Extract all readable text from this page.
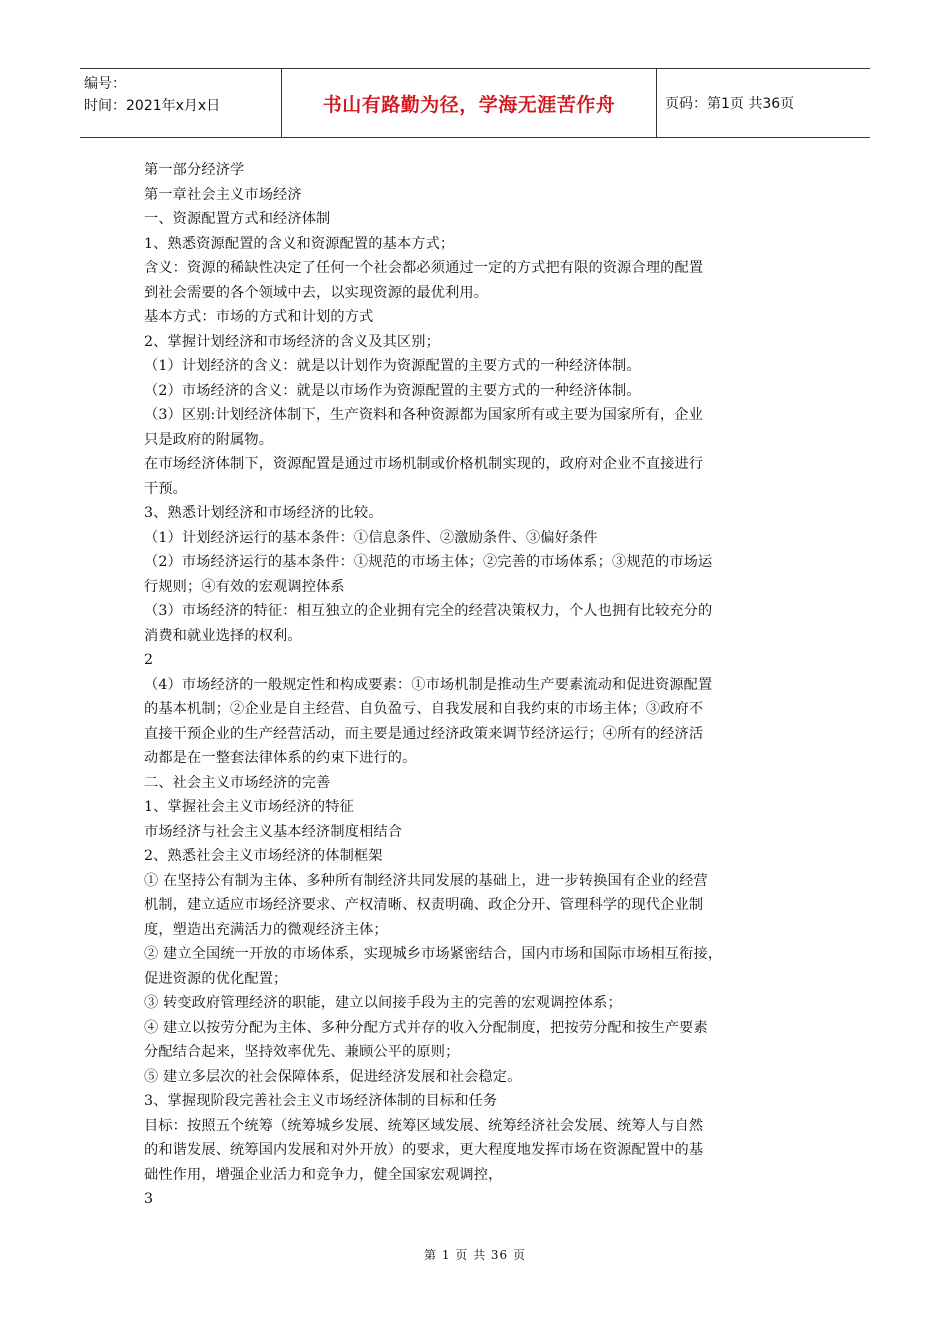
编号：
时间：2021年x月x日	书山有路勤为径，学海无涯苦作舟	页码：第1页 共36页
第一部分经济学
第一章社会主义市场经济
一、资源配置方式和经济体制
1、熟悉资源配置的含义和资源配置的基本方式；
含义：资源的稀缺性决定了任何一个社会都必须通过一定的方式把有限的资源合理的配置
到社会需要的各个领域中去，以实现资源的最优利用。
基本方式：市场的方式和计划的方式
2、掌握计划经济和市场经济的含义及其区别；
（1）计划经济的含义：就是以计划作为资源配置的主要方式的一种经济体制。
（2）市场经济的含义：就是以市场作为资源配置的主要方式的一种经济体制。
（3）区别:计划经济体制下，生产资料和各种资源都为国家所有或主要为国家所有，企业
只是政府的附属物。
在市场经济体制下，资源配置是通过市场机制或价格机制实现的，政府对企业不直接进行
干预。
3、熟悉计划经济和市场经济的比较。
（1）计划经济运行的基本条件：①信息条件、②激励条件、③偏好条件
（2）市场经济运行的基本条件：①规范的市场主体；②完善的市场体系；③规范的市场运
行规则；④有效的宏观调控体系
（3）市场经济的特征：相互独立的企业拥有完全的经营决策权力，个人也拥有比较充分的
消费和就业选择的权利。
2
（4）市场经济的一般规定性和构成要素：①市场机制是推动生产要素流动和促进资源配置
的基本机制；②企业是自主经营、自负盈亏、自我发展和自我约束的市场主体；③政府不
直接干预企业的生产经营活动，而主要是通过经济政策来调节经济运行；④所有的经济活
动都是在一整套法律体系的约束下进行的。
二、社会主义市场经济的完善
1、掌握社会主义市场经济的特征
市场经济与社会主义基本经济制度相结合
2、熟悉社会主义市场经济的体制框架
① 在坚持公有制为主体、多种所有制经济共同发展的基础上，进一步转换国有企业的经营
机制，建立适应市场经济要求、产权清晰、权责明确、政企分开、管理科学的现代企业制
度，塑造出充满活力的微观经济主体；
② 建立全国统一开放的市场体系，实现城乡市场紧密结合，国内市场和国际市场相互衔接，
促进资源的优化配置；
③ 转变政府管理经济的职能，建立以间接手段为主的完善的宏观调控体系；
④ 建立以按劳分配为主体、多种分配方式并存的收入分配制度，把按劳分配和按生产要素
分配结合起来，坚持效率优先、兼顾公平的原则；
⑤ 建立多层次的社会保障体系，促进经济发展和社会稳定。
3、掌握现阶段完善社会主义市场经济体制的目标和任务
目标：按照五个统筹（统筹城乡发展、统筹区域发展、统筹经济社会发展、统筹人与自然
的和谐发展、统筹国内发展和对外开放）的要求，更大程度地发挥市场在资源配置中的基
础性作用，增强企业活力和竞争力，健全国家宏观调控，
3
第 1 页 共 36 页
